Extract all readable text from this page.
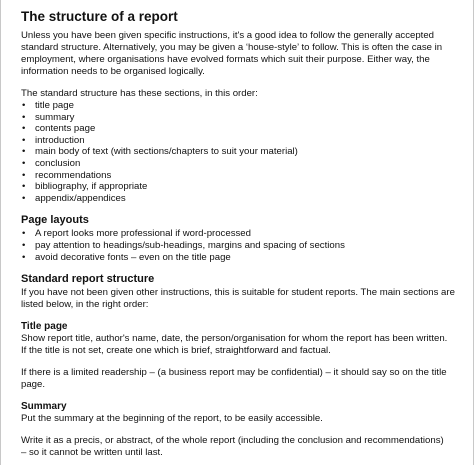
The structure of a report

Unless you have been given specific instructions, it's a good idea to follow the generally accepted

standard structure. Alternatively, you may be given a ‘house-style’ to follow. This is often the case in

employment, where organisations have evolved formats which suit their purpose. Either way, the

information needs to be organised logically.

The standard structure has these sections, in this order:

• title page
• summary
• contents page
• introduction
• main body of text (with sections/chapters to suit your material)
• conclusion
• recommendations
• bibliography, if appropriate
• appendix/appendices
Page layouts
• A report looks more professional if word-processed
• pay attention to headings/sub-headings, margins and spacing of sections
• avoid decorative fonts – even on the title page
Standard report structure

If you have not been given other instructions, this is suitable for student reports. The main sections are

listed below, in the right order:

Title page

Show report title, author's name, date, the person/organisation for whom the report has been written.

If the title is not set, create one which is brief, straightforward and factual.

If there is a limited readership – (a business report may be confidential) – it should say so on the title page.

Summary

Put the summary at the beginning of the report, to be easily accessible.

Write it as a precis, or abstract, of the whole report (including the conclusion and recommendations)

– so it cannot be written until last.
